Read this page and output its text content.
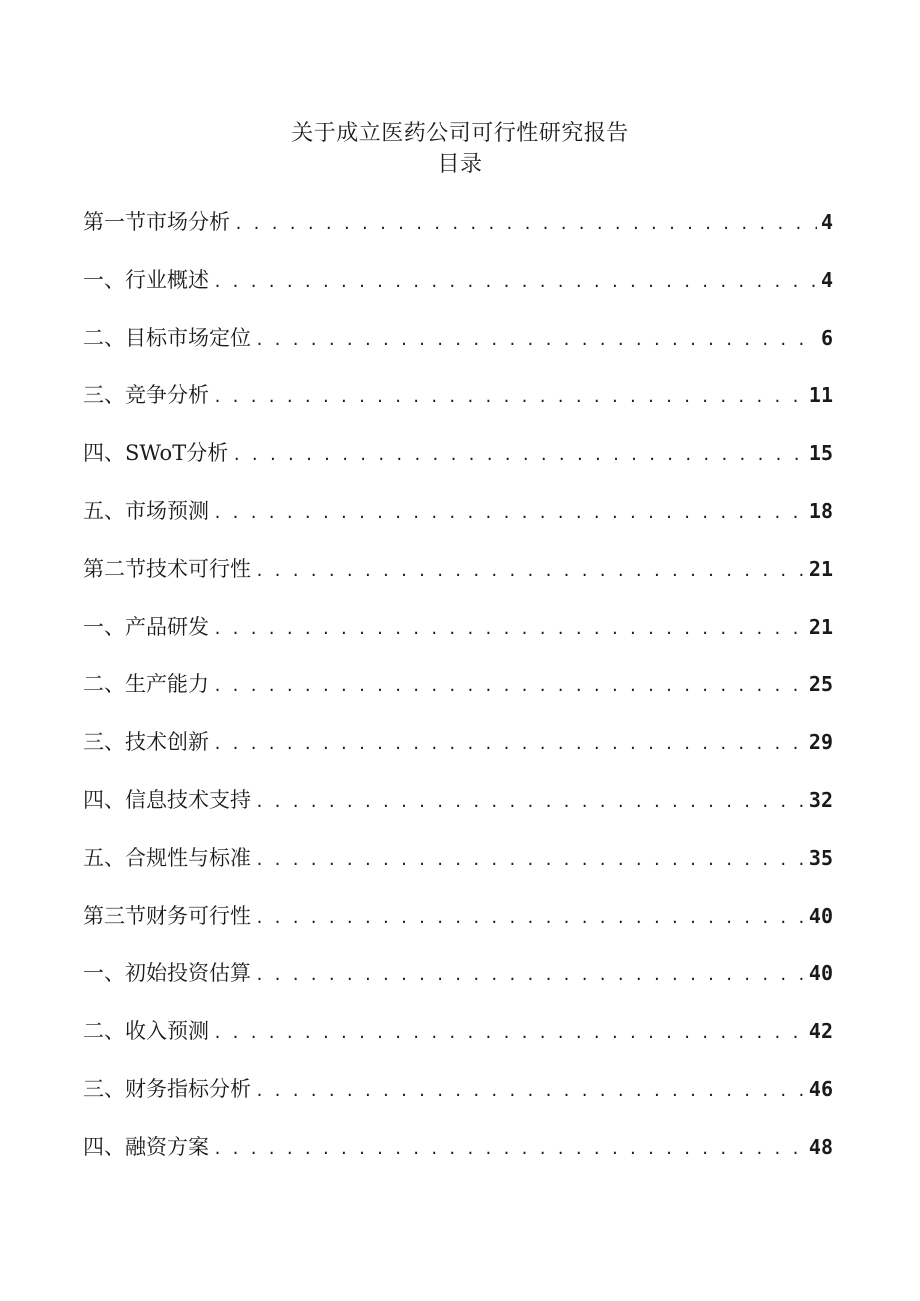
关于成立医药公司可行性研究报告
目录
第一节市场分析 . . .	4
一、行业概述 . . .	4
二、目标市场定位 . . .	6
三、竞争分析 . . .	11
四、SWoT分析 . . .	15
五、市场预测 . . .	18
第二节技术可行性 . . .	21
一、产品研发 . . .	21
二、生产能力 . . .	25
三、技术创新 . . .	29
四、信息技术支持 . . .	32
五、合规性与标准 . . .	35
第三节财务可行性 . . .	40
一、初始投资估算 . . .	40
二、收入预测 . . .	42
三、财务指标分析 . . .	46
四、融资方案 . . .	48
